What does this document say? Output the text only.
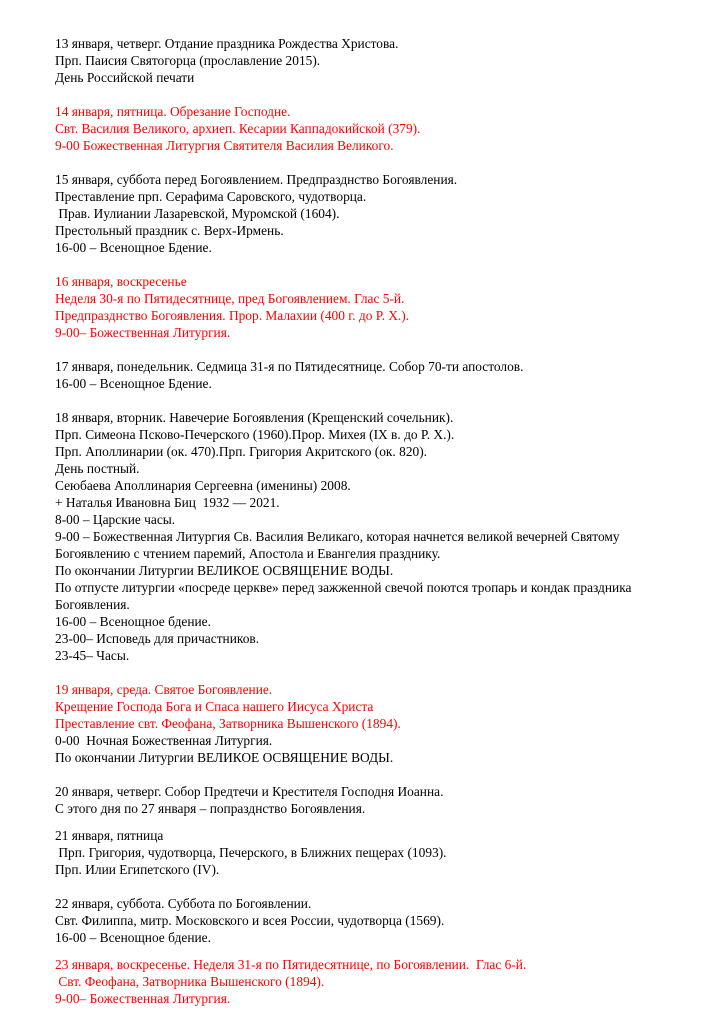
13 января, четверг. Отдание праздника Рождества Христова.
Прп. Паисия Святогорца (прославление 2015).
День Российской печати
14 января, пятница. Обрезание Господне.
Свт. Василия Великого, архиеп. Кесарии Каппадокийской (379).
9-00 Божественная Литургия Святителя Василия Великого.
15 января, суббота перед Богоявлением. Предпразднство Богоявления.
Преставление прп. Серафима Саровского, чудотворца.
Прав. Иулиании Лазаревской, Муромской (1604).
Престольный праздник с. Верх-Ирмень.
16-00 – Всенощное Бдение.
16 января, воскресенье
Неделя 30-я по Пятидесятнице, пред Богоявлением. Глас 5-й.
Предпразднство Богоявления. Прор. Малахии (400 г. до Р. Х.).
9-00– Божественная Литургия.
17 января, понедельник. Седмица 31-я по Пятидесятнице. Собор 70-ти апостолов.
16-00 – Всенощное Бдение.
18 января, вторник. Навечерие Богоявления (Крещенский сочельник).
Прп. Симеона Псково-Печерского (1960).Прор. Михея (IX в. до Р. Х.).
Прп. Аполлинарии (ок. 470).Прп. Григория Акритского (ок. 820).
День постный.
Сеюбаева Аполлинария Сергеевна (именины) 2008.
+ Наталья Ивановна Биц  1932 — 2021.
8-00 – Царские часы.
9-00 – Божественная Литургия Св. Василия Великаго, которая начнется великой вечерней Святому
Богоявлению с чтением паремий, Апостола и Евангелия празднику.
По окончании Литургии ВЕЛИКОЕ ОСВЯЩЕНИЕ ВОДЫ.
По отпусте литургии «посреде церкве» перед зажженной свечой поются тропарь и кондак праздника
Богоявления.
16-00 – Всенощное бдение.
23-00– Исповедь для причастников.
23-45– Часы.
19 января, среда. Святое Богоявление.
Крещение Господа Бога и Спаса нашего Иисуса Христа
Преставление свт. Феофана, Затворника Вышенского (1894).
0-00  Ночная Божественная Литургия.
По окончании Литургии ВЕЛИКОЕ ОСВЯЩЕНИЕ ВОДЫ.
20 января, четверг. Собор Предтечи и Крестителя Господня Иоанна.
С этого дня по 27 января – попразднство Богоявления.
21 января, пятница
Прп. Григория, чудотворца, Печерского, в Ближних пещерах (1093).
Прп. Илии Египетского (IV).
22 января, суббота. Суббота по Богоявлении.
Свт. Филиппа, митр. Московского и всея России, чудотворца (1569).
16-00 – Всенощное бдение.
23 января, воскресенье. Неделя 31-я по Пятидесятнице, по Богоявлении.  Глас 6-й.
Свт. Феофана, Затворника Вышенского (1894).
9-00– Божественная Литургия.
